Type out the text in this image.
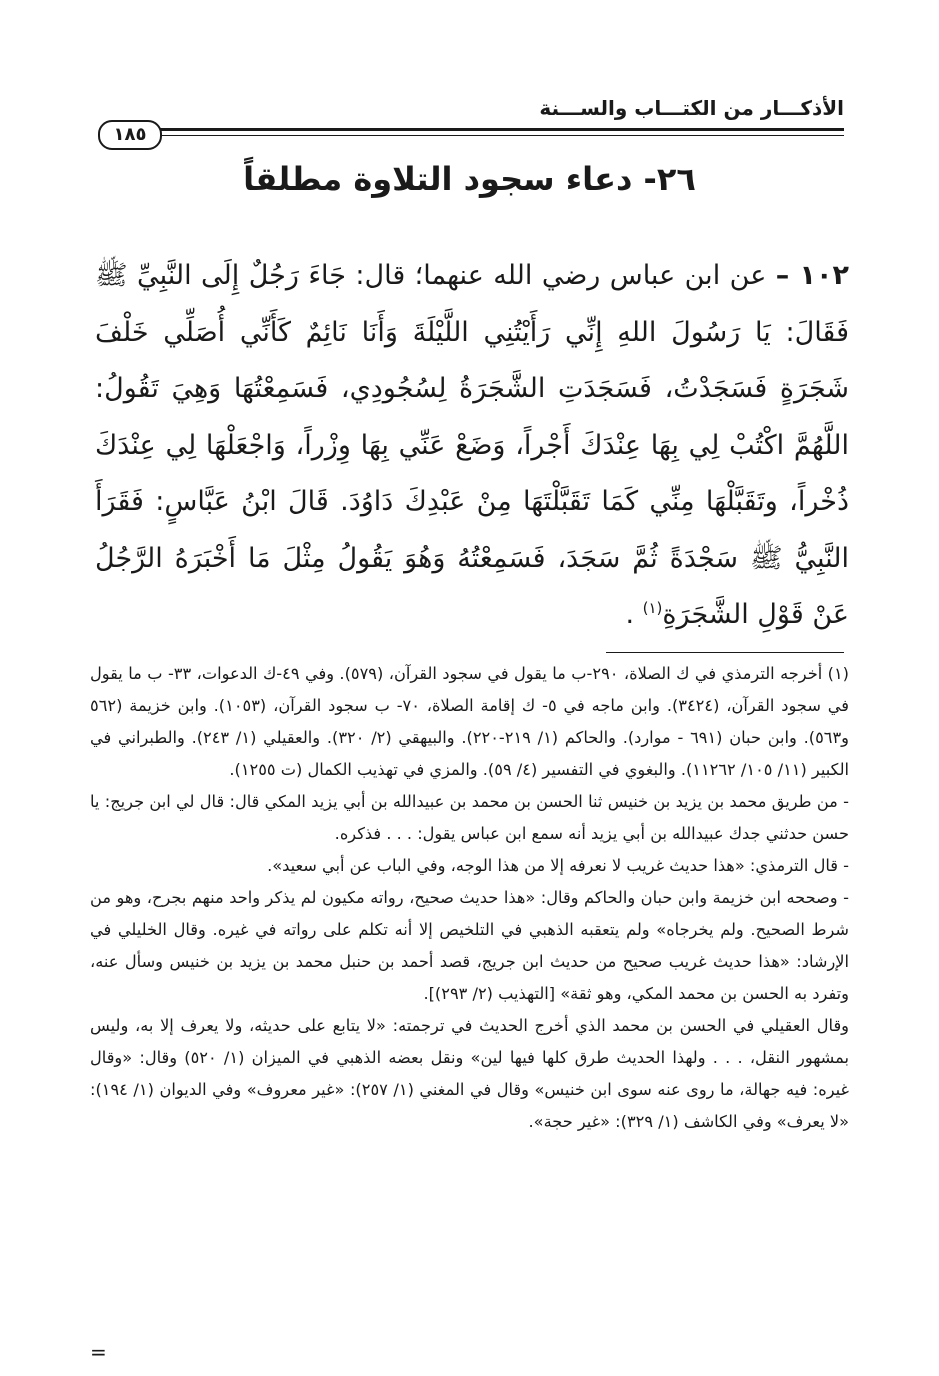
الأذكـــار من الكتـــاب والســـنة
١٨٥
٢٦- دعاء سجود التلاوة مطلقاً
١٠٢ – عن ابن عباس رضي الله عنهما؛ قال: جَاءَ رَجُلٌ إِلَى النَّبِيِّ ﷺ فَقَالَ: يَا رَسُولَ اللهِ إِنِّي رَأَيْتُنِي اللَّيْلَةَ وَأَنَا نَائِمٌ كَأَنِّي أُصَلِّي خَلْفَ شَجَرَةٍ فَسَجَدْتُ، فَسَجَدَتِ الشَّجَرَةُ لِسُجُودِي، فَسَمِعْتُهَا وَهِيَ تَقُولُ: اللَّهُمَّ اكْتُبْ لِي بِهَا عِنْدَكَ أَجْراً، وَضَعْ عَنِّي بِهَا وِزْراً، وَاجْعَلْهَا لِي عِنْدَكَ ذُخْراً، وتَقَبَّلْهَا مِنِّي كَمَا تَقَبَّلْتَهَا مِنْ عَبْدِكَ دَاوُدَ. قَالَ ابْنُ عَبَّاسٍ: فَقَرَأَ النَّبِيُّ ﷺ سَجْدَةً ثُمَّ سَجَدَ، فَسَمِعْتُهُ وَهُوَ يَقُولُ مِثْلَ مَا أَخْبَرَهُ الرَّجُلُ عَنْ قَوْلِ الشَّجَرَةِ$^{(١)}$ .

(١) أخرجه الترمذي في ك الصلاة، ٢٩٠-ب ما يقول في سجود القرآن، (٥٧٩). وفي ٤٩-ك الدعوات، ٣٣- ب ما يقول في سجود القرآن، (٣٤٢٤). وابن ماجه في ٥- ك إقامة الصلاة، ٧٠- ب سجود القرآن، (١٠٥٣). وابن خزيمة (٥٦٢ و٥٦٣). وابن حبان (٦٩١ - موارد). والحاكم (١/ ٢١٩-٢٢٠). والبيهقي (٢/ ٣٢٠). والعقيلي (١/ ٢٤٣). والطبراني في الكبير (١١/ ١٠٥/ ١١٢٦٢). والبغوي في التفسير (٤/ ٥٩). والمزي في تهذيب الكمال (ت ١٢٥٥).

- من طريق محمد بن يزيد بن خنيس ثنا الحسن بن محمد بن عبيدالله بن أبي يزيد المكي قال: قال لي ابن جريج: يا حسن حدثني جدك عبيدالله بن أبي يزيد أنه سمع ابن عباس يقول: . . . فذكره.

- قال الترمذي: «هذا حديث غريب لا نعرفه إلا من هذا الوجه، وفي الباب عن أبي سعيد».

- وصححه ابن خزيمة وابن حبان والحاكم وقال: «هذا حديث صحيح، رواته مكيون لم يذكر واحد منهم بجرح، وهو من شرط الصحيح. ولم يخرجاه» ولم يتعقبه الذهبي في التلخيص إلا أنه تكلم على رواته في غيره. وقال الخليلي في الإرشاد: «هذا حديث غريب صحيح من حديث ابن جريج، قصد أحمد بن حنبل محمد بن يزيد بن خنيس وسأل عنه، وتفرد به الحسن بن محمد المكي، وهو ثقة» [التهذيب (٢/ ٢٩٣)].

وقال العقيلي في الحسن بن محمد الذي أخرج الحديث في ترجمته: «لا يتابع على حديثه، ولا يعرف إلا به، وليس بمشهور النقل، . . . ولهذا الحديث طرق كلها فيها لين» ونقل بعضه الذهبي في الميزان (١/ ٥٢٠) وقال: «وقال غيره: فيه جهالة، ما روى عنه سوى ابن خنيس» وقال في المغني (١/ ٢٥٧): «غير معروف» وفي الديوان (١/ ١٩٤): «لا يعرف» وفي الكاشف (١/ ٣٢٩): «غير حجة».

=
